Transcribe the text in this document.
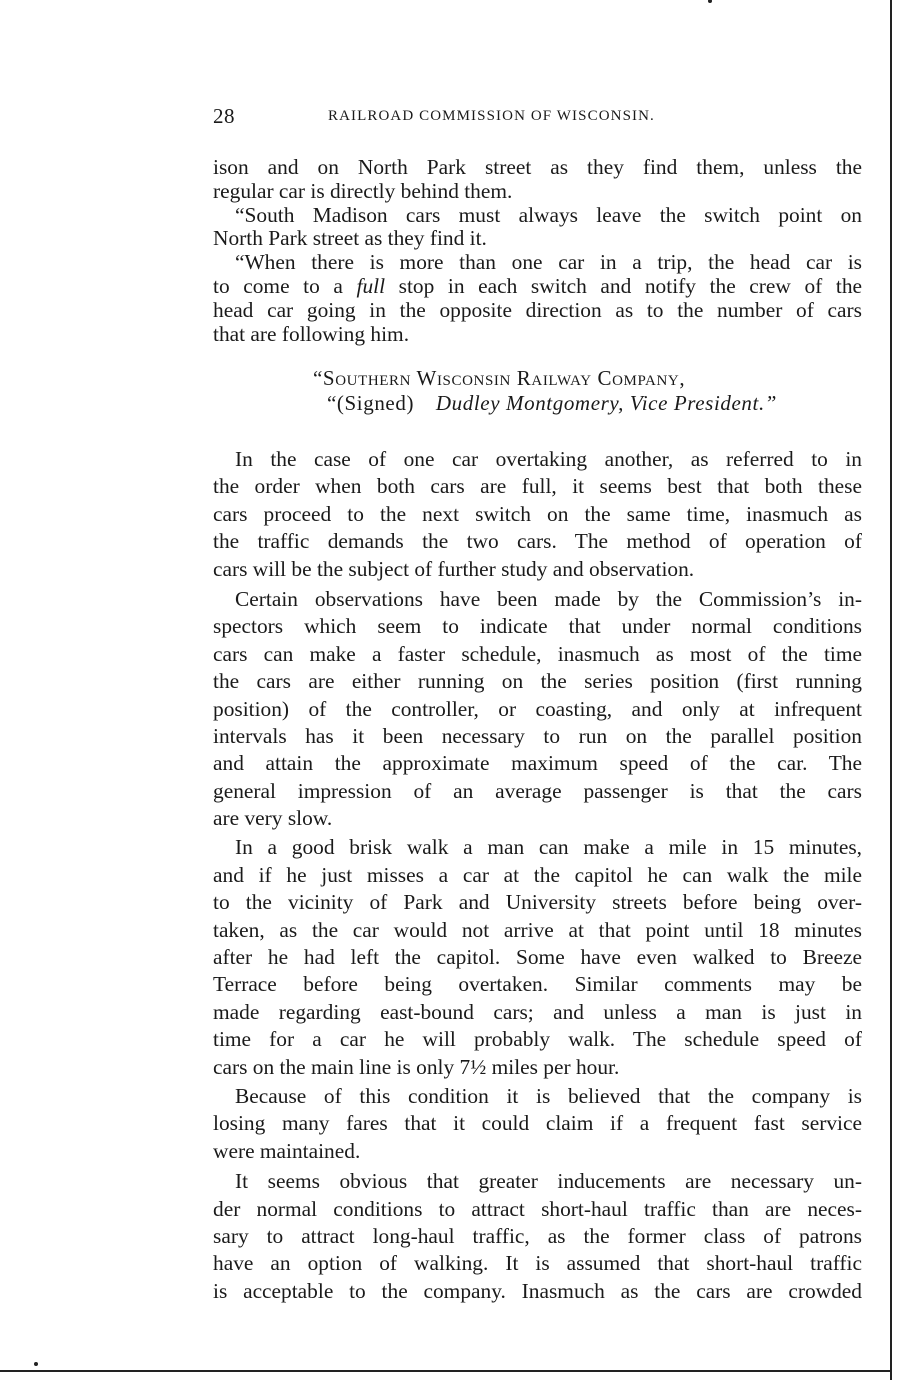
28	RAILROAD COMMISSION OF WISCONSIN.
ison and on North Park street as they find them, unless the
regular car is directly behind them.
“South Madison cars must always leave the switch point on
North Park street as they find it.
“When there is more than one car in a trip, the head car is
to come to a full stop in each switch and notify the crew of the
head car going in the opposite direction as to the number of cars
that are following him.
“Southern Wisconsin Railway Company,
“(Signed) Dudley Montgomery, Vice President.”
In the case of one car overtaking another, as referred to in
the order when both cars are full, it seems best that both these
cars proceed to the next switch on the same time, inasmuch as
the traffic demands the two cars. The method of operation of
cars will be the subject of further study and observation.
Certain observations have been made by the Commission’s in-
spectors which seem to indicate that under normal conditions
cars can make a faster schedule, inasmuch as most of the time
the cars are either running on the series position (first running
position) of the controller, or coasting, and only at infrequent
intervals has it been necessary to run on the parallel position
and attain the approximate maximum speed of the car. The
general impression of an average passenger is that the cars
are very slow.
In a good brisk walk a man can make a mile in 15 minutes,
and if he just misses a car at the capitol he can walk the mile
to the vicinity of Park and University streets before being over-
taken, as the car would not arrive at that point until 18 minutes
after he had left the capitol. Some have even walked to Breeze
Terrace before being overtaken. Similar comments may be
made regarding east-bound cars; and unless a man is just in
time for a car he will probably walk. The schedule speed of
cars on the main line is only 7½ miles per hour.
Because of this condition it is believed that the company is
losing many fares that it could claim if a frequent fast service
were maintained.
It seems obvious that greater inducements are necessary un-
der normal conditions to attract short-haul traffic than are neces-
sary to attract long-haul traffic, as the former class of patrons
have an option of walking. It is assumed that short-haul traffic
is acceptable to the company. Inasmuch as the cars are crowded
